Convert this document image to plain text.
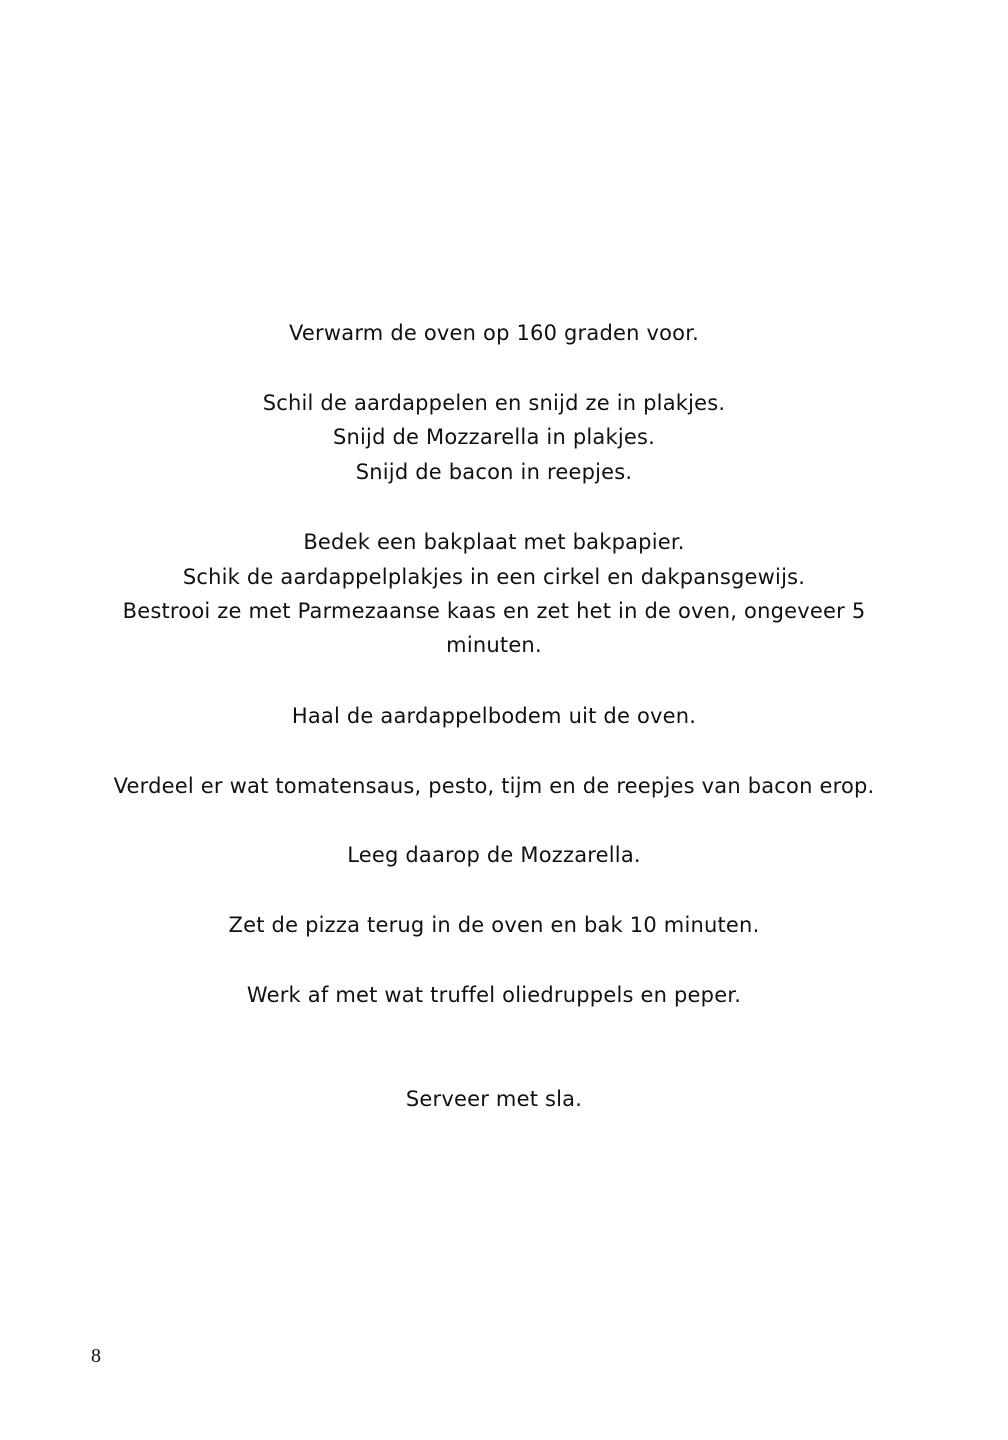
Verwarm de oven op 160 graden voor.
Schil de aardappelen en snijd ze in plakjes.
Snijd de Mozzarella in plakjes.
Snijd de bacon in reepjes.
Bedek een bakplaat met bakpapier.
Schik de aardappelplakjes in een cirkel en dakpansgewijs.
Bestrooi ze met Parmezaanse kaas en zet het in de oven, ongeveer 5
minuten.
Haal de aardappelbodem uit de oven.
Verdeel er wat tomatensaus, pesto, tijm en de reepjes van bacon erop.
Leeg daarop de Mozzarella.
Zet de pizza terug in de oven en bak 10 minuten.
Werk af met wat truffel oliedruppels en peper.
Serveer met sla.
8
